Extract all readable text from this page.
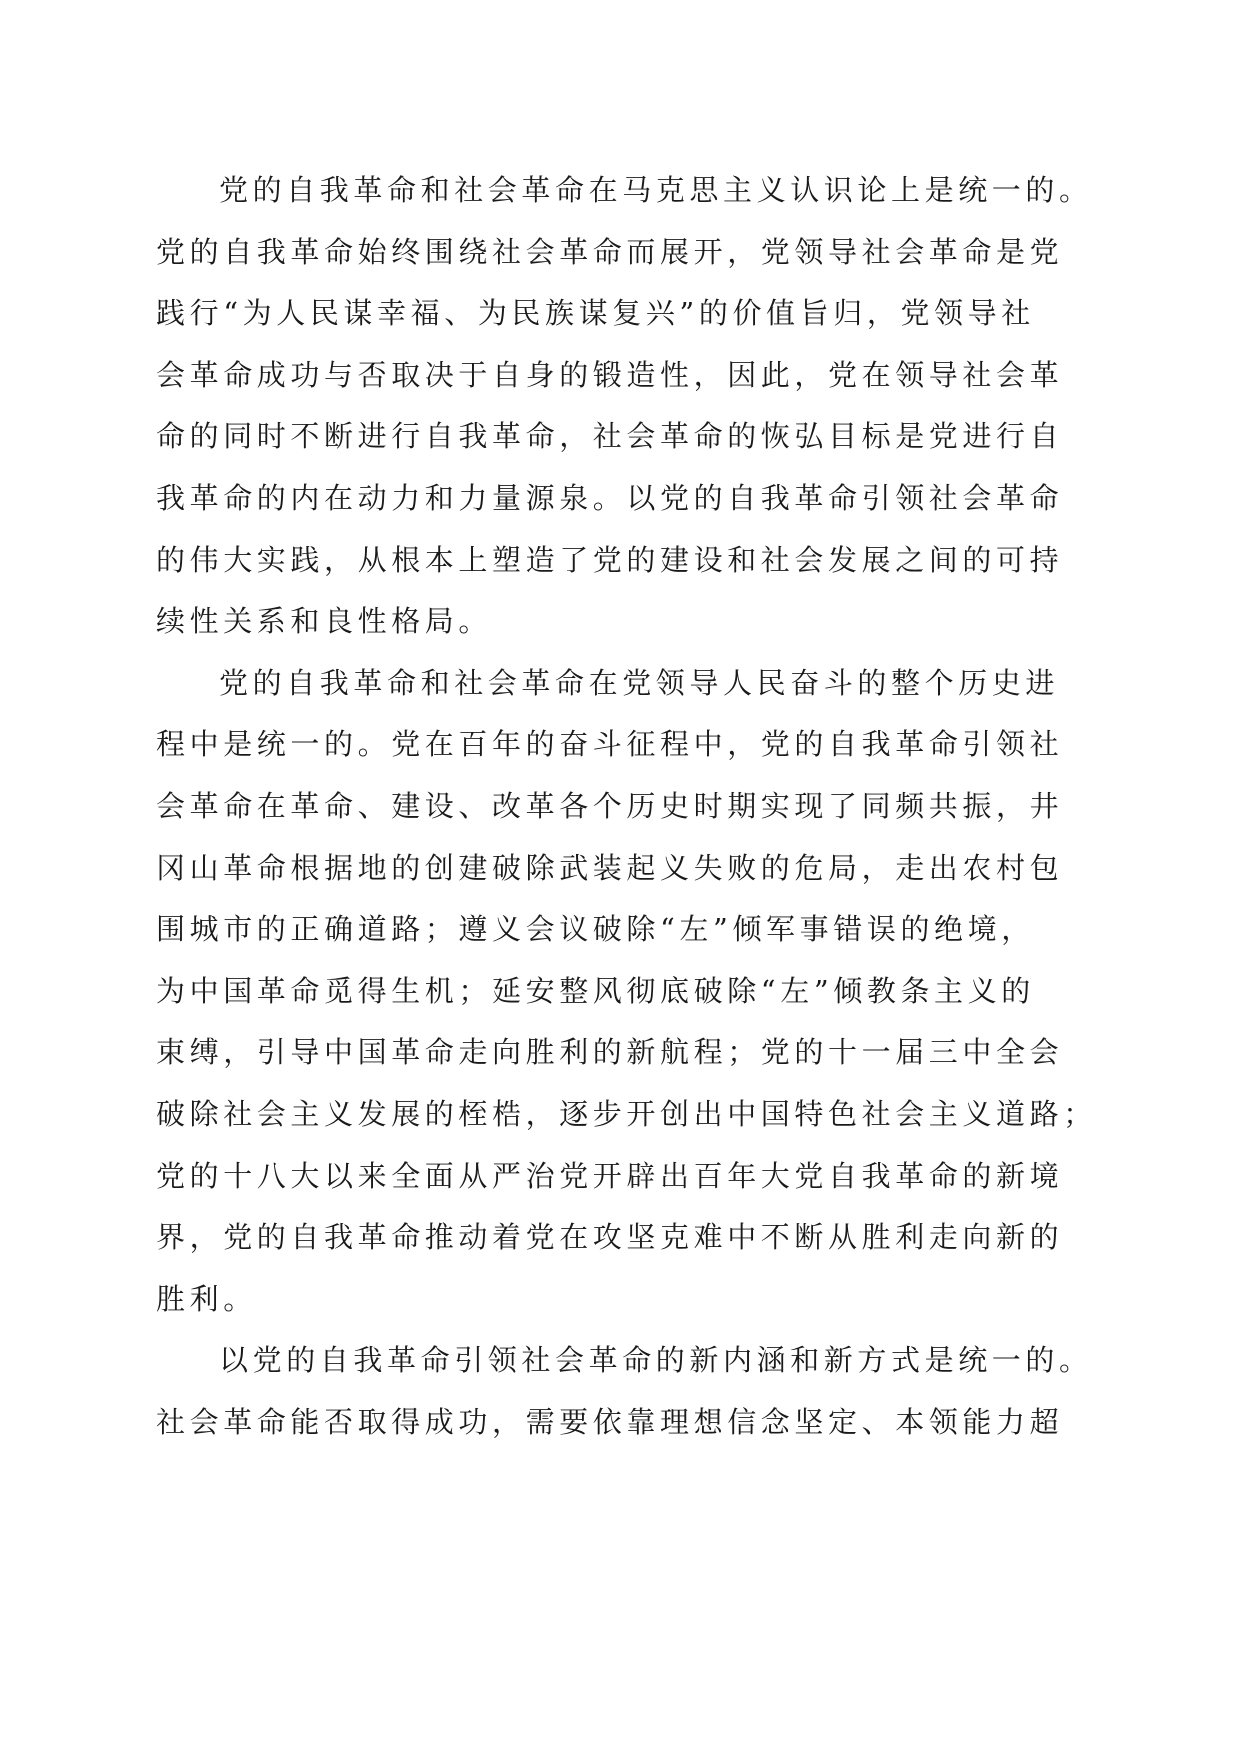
党的自我革命和社会革命在马克思主义认识论上是统一的。
党的自我革命始终围绕社会革命而展开，党领导社会革命是党
践行“为人民谋幸福、为民族谋复兴”的价值旨归，党领导社
会革命成功与否取决于自身的锻造性，因此，党在领导社会革
命的同时不断进行自我革命，社会革命的恢弘目标是党进行自
我革命的内在动力和力量源泉。以党的自我革命引领社会革命
的伟大实践，从根本上塑造了党的建设和社会发展之间的可持
续性关系和良性格局。

党的自我革命和社会革命在党领导人民奋斗的整个历史进
程中是统一的。党在百年的奋斗征程中，党的自我革命引领社
会革命在革命、建设、改革各个历史时期实现了同频共振，井
冈山革命根据地的创建破除武装起义失败的危局，走出农村包
围城市的正确道路；遵义会议破除“左”倾军事错误的绝境，
为中国革命觅得生机；延安整风彻底破除“左”倾教条主义的
束缚，引导中国革命走向胜利的新航程；党的十一届三中全会
破除社会主义发展的桎梏，逐步开创出中国特色社会主义道路；
党的十八大以来全面从严治党开辟出百年大党自我革命的新境
界，党的自我革命推动着党在攻坚克难中不断从胜利走向新的
胜利。

以党的自我革命引领社会革命的新内涵和新方式是统一的。
社会革命能否取得成功，需要依靠理想信念坚定、本领能力超
